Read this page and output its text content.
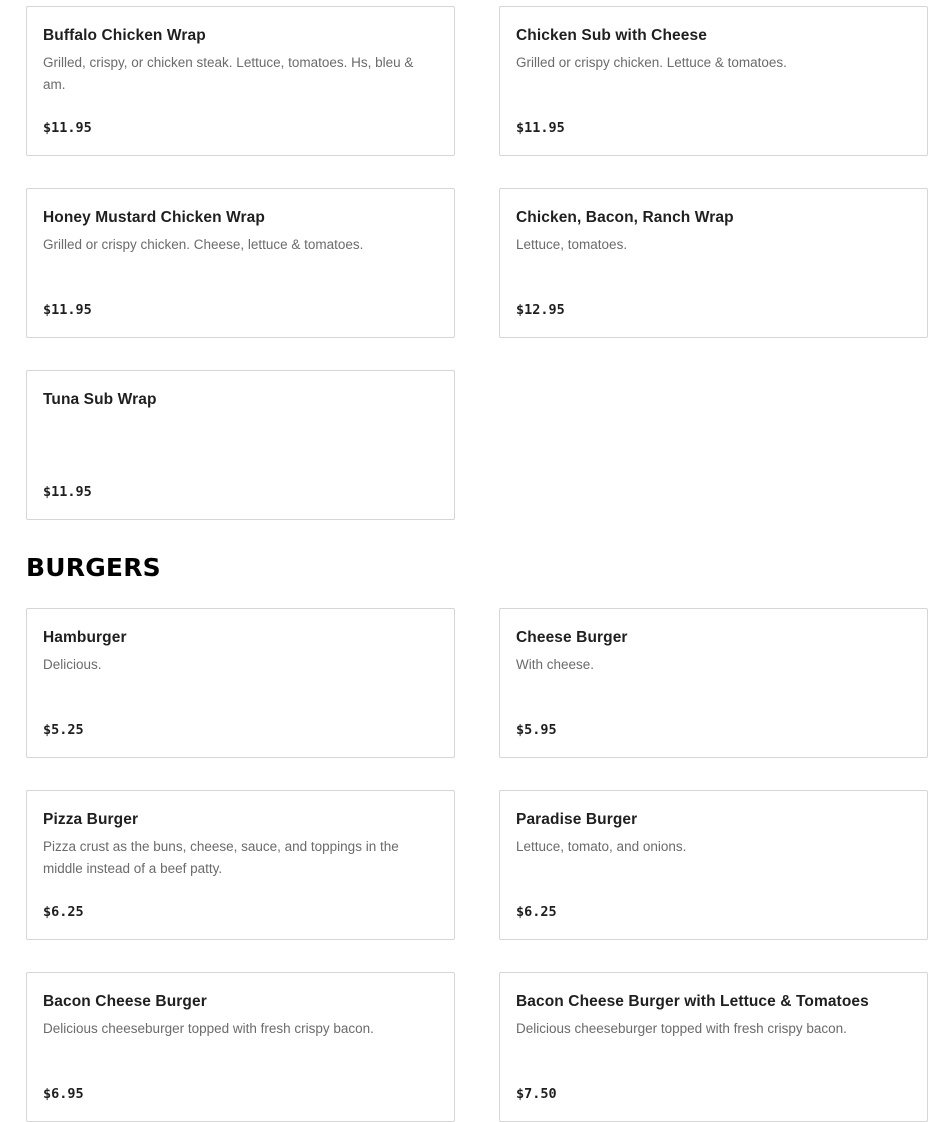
Buffalo Chicken Wrap
Grilled, crispy, or chicken steak. Lettuce, tomatoes. Hs, bleu & am.
$11.95
Chicken Sub with Cheese
Grilled or crispy chicken. Lettuce & tomatoes.
$11.95
Honey Mustard Chicken Wrap
Grilled or crispy chicken. Cheese, lettuce & tomatoes.
$11.95
Chicken, Bacon, Ranch Wrap
Lettuce, tomatoes.
$12.95
Tuna Sub Wrap
$11.95
BURGERS
Hamburger
Delicious.
$5.25
Cheese Burger
With cheese.
$5.95
Pizza Burger
Pizza crust as the buns, cheese, sauce, and toppings in the middle instead of a beef patty.
$6.25
Paradise Burger
Lettuce, tomato, and onions.
$6.25
Bacon Cheese Burger
Delicious cheeseburger topped with fresh crispy bacon.
$6.95
Bacon Cheese Burger with Lettuce & Tomatoes
Delicious cheeseburger topped with fresh crispy bacon.
$7.50
